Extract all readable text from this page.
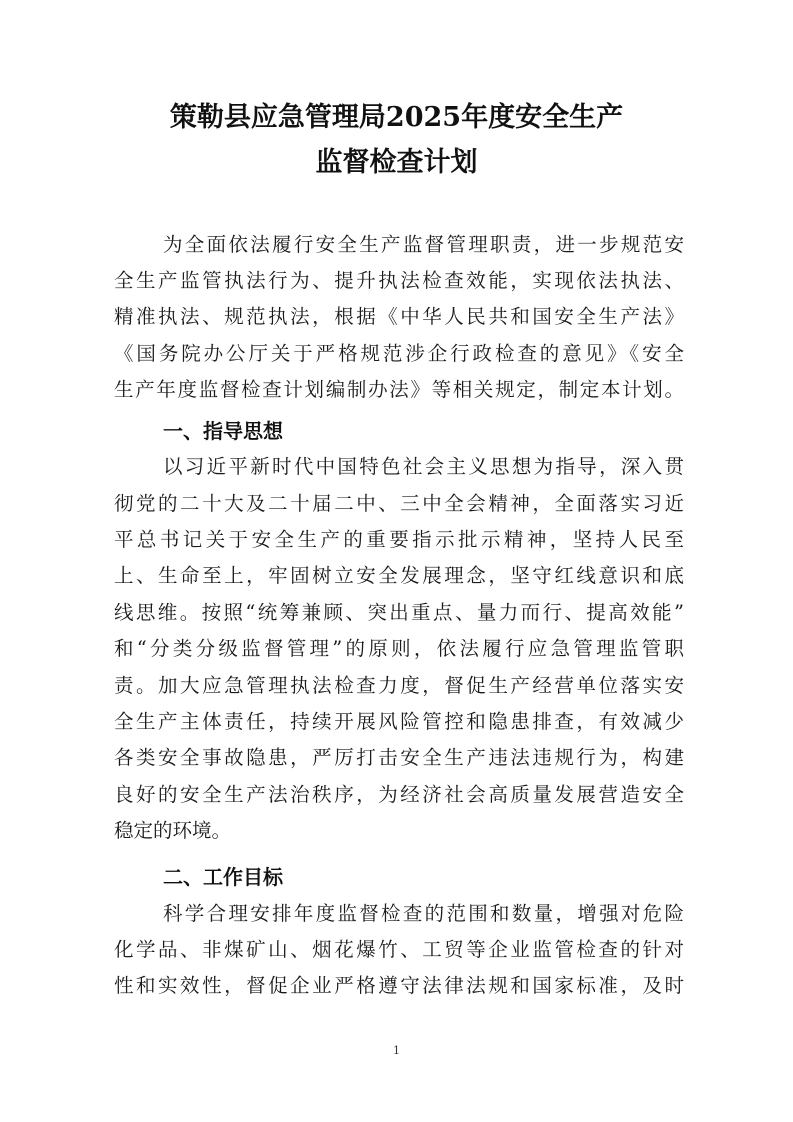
策勒县应急管理局2025年度安全生产
监督检查计划
为全面依法履行安全生产监督管理职责，进一步规范安
全生产监管执法行为、提升执法检查效能，实现依法执法、
精准执法、规范执法，根据《中华人民共和国安全生产法》
《国务院办公厅关于严格规范涉企行政检查的意见》《安全
生产年度监督检查计划编制办法》等相关规定，制定本计划。
一、指导思想
以习近平新时代中国特色社会主义思想为指导，深入贯
彻党的二十大及二十届二中、三中全会精神，全面落实习近
平总书记关于安全生产的重要指示批示精神，坚持人民至
上、生命至上，牢固树立安全发展理念，坚守红线意识和底
线思维。按照“统筹兼顾、突出重点、量力而行、提高效能”
和“分类分级监督管理”的原则，依法履行应急管理监管职
责。加大应急管理执法检查力度，督促生产经营单位落实安
全生产主体责任，持续开展风险管控和隐患排查，有效减少
各类安全事故隐患，严厉打击安全生产违法违规行为，构建
良好的安全生产法治秩序，为经济社会高质量发展营造安全
稳定的环境。
二、工作目标
科学合理安排年度监督检查的范围和数量，增强对危险
化学品、非煤矿山、烟花爆竹、工贸等企业监管检查的针对
性和实效性，督促企业严格遵守法律法规和国家标准，及时
1
